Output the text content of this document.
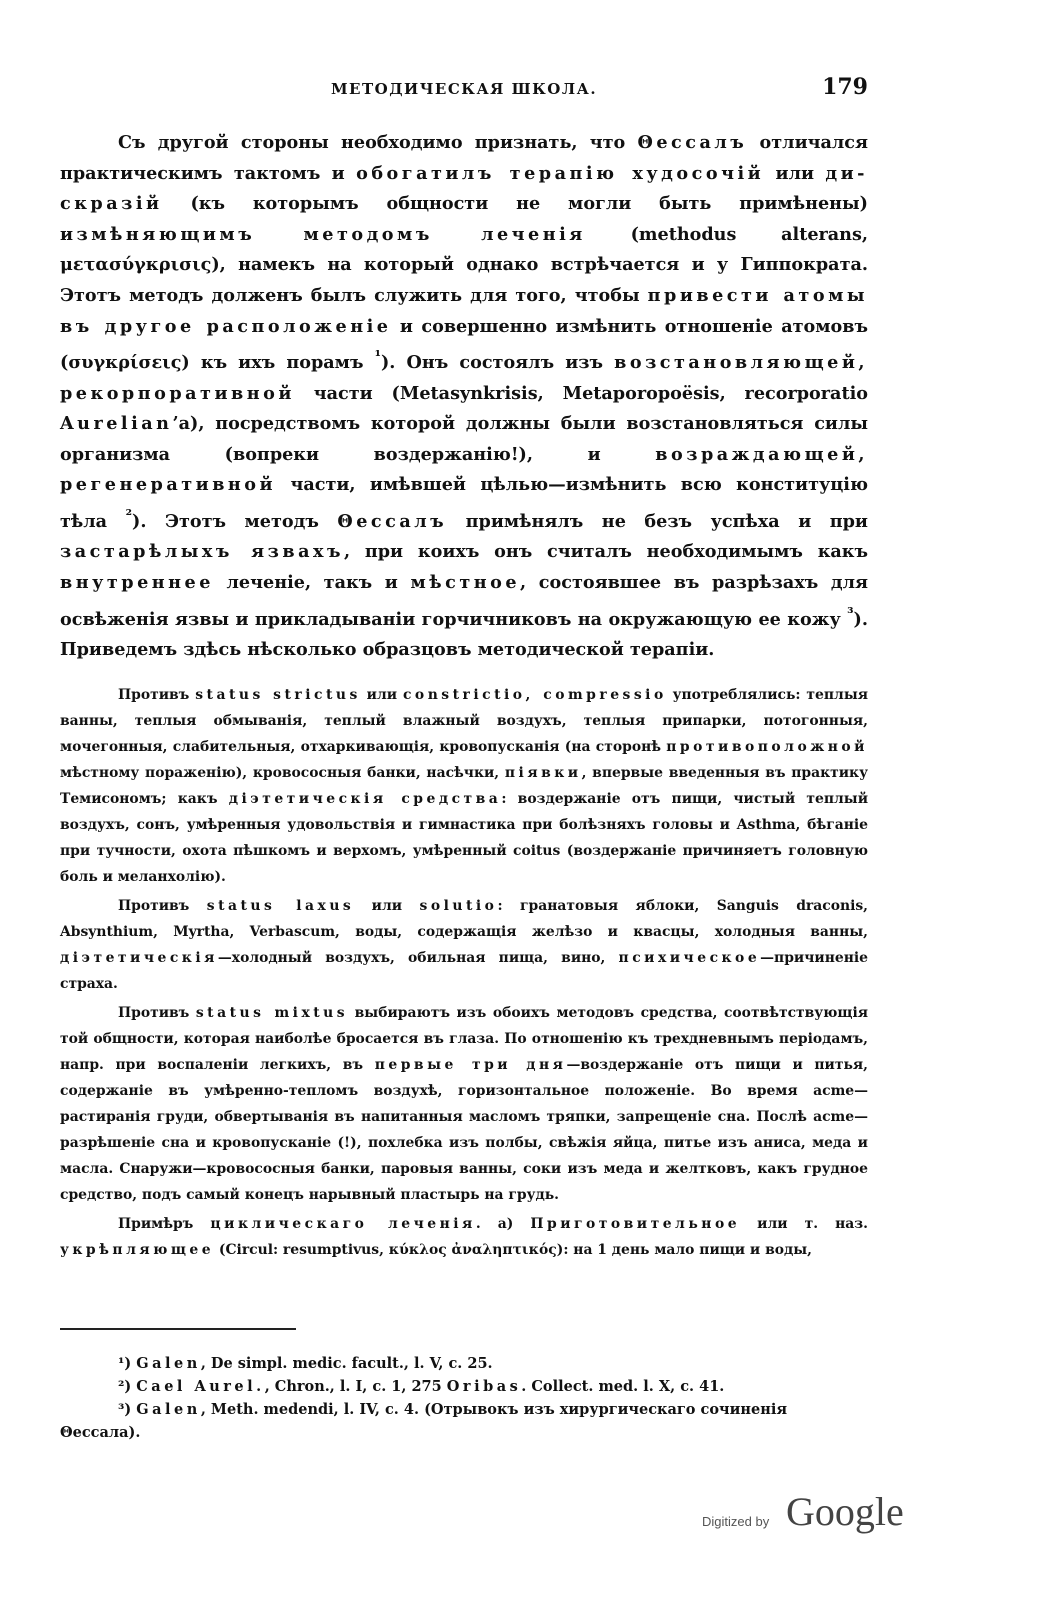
МЕТОДИЧЕСКАЯ ШКОЛА.	179

Съ другой стороны необходимо признать, что Θессалъ отличался практическимъ тактомъ и обогатилъ терапію худосочій или ди-скразій (къ которымъ общности не могли быть примѣнены) измѣняющимъ методомъ леченія (methodus alterans, μετασύγκρισις), намекъ на который однако встрѣчается и у Гиппократа. Этотъ методъ долженъ былъ служить для того, чтобы привести атомы въ другое расположеніе и совершенно измѣнить отношеніе атомовъ (συγκρίσεις) къ ихъ порамъ $^{^1}$). Онъ состоялъ изъ возстановляющей, рекорпоративной части (Metasynkrisis, Metaporopoësis, recorporatio Aurelian’a), посредствомъ которой должны были возстановляться силы организма (вопреки воздержанію!), и возраждающей, регенеративной части, имѣвшей цѣлью—измѣнить всю конституцію тѣла $^{^2}$). Этотъ методъ Θессалъ примѣнялъ не безъ успѣха и при застарѣлыхъ язвахъ, при коихъ онъ считалъ необходимымъ какъ внутреннее леченіе, такъ и мѣстное, состоявшее въ разрѣзахъ для освѣженія язвы и прикладываніи горчичниковъ на окружающую ее кожу $^{^3}$). Приведемъ здѣсь нѣсколько образцовъ методической терапіи.

Противъ status strictus или constrictio, compressio употреблялись: теплыя ванны, теплыя обмыванія, теплый влажный воздухъ, теплыя припарки, потогонныя, мочегонныя, слабительныя, отхаркивающія, кровопусканія (на сторонѣ противоположной мѣстному пораженію), кровососныя банки, насѣчки, піявки, впервые введенныя въ практику Темисономъ; какъ діэтетическія средства: воздержаніе отъ пищи, чистый теплый воздухъ, сонъ, умѣренныя удовольствія и гимнастика при болѣзняхъ головы и Asthma, бѣганіе при тучности, охота пѣшкомъ и верхомъ, умѣренный coitus (воздержаніе причиняетъ головную боль и меланхолію).

Противъ status laxus или solutio: гранатовыя яблоки, Sanguis draconis, Absynthium, Myrtha, Verbascum, воды, содержащія желѣзо и квасцы, холодныя ванны, діэтетическія—холодный воздухъ, обильная пища, вино, психическое—причиненіе страха.

Противъ status mixtus выбираютъ изъ обоихъ методовъ средства, соотвѣтствующія той общности, которая наиболѣе бросается въ глаза. По отношенію къ трехдневнымъ періодамъ, напр. при воспаленіи легкихъ, въ первые три дня—воздержаніе отъ пищи и питья, содержаніе въ умѣренно-тепломъ воздухѣ, горизонтальное положеніе. Во время acme—растиранія груди, обвертыванія въ напитанныя масломъ тряпки, запрещеніе сна. Послѣ acme—разрѣшеніе сна и кровопусканіе (!), похлебка изъ полбы, свѣжія яйца, питье изъ аниса, меда и масла. Снаружи—кровососныя банки, паровыя ванны, соки изъ меда и желтковъ, какъ грудное средство, подъ самый конецъ нарывный пластырь на грудь.

Примѣръ циклическаго леченія. a) Приготовительное или т. наз. укрѣпляющее (Circul: resumptivus, κύκλος ἀναληπτικός): на 1 день мало пищи и воды,

¹) Galen, De simpl. medic. facult., l. V, c. 25.

²) Cael Aurel., Chron., l. I, c. 1, 275 Oribas. Collect. med. l. X, c. 41.

³) Galen, Meth. medendi, l. IV, c. 4. (Отрывокъ изъ хирургическаго сочиненія Θессала).

Digitized by Google
